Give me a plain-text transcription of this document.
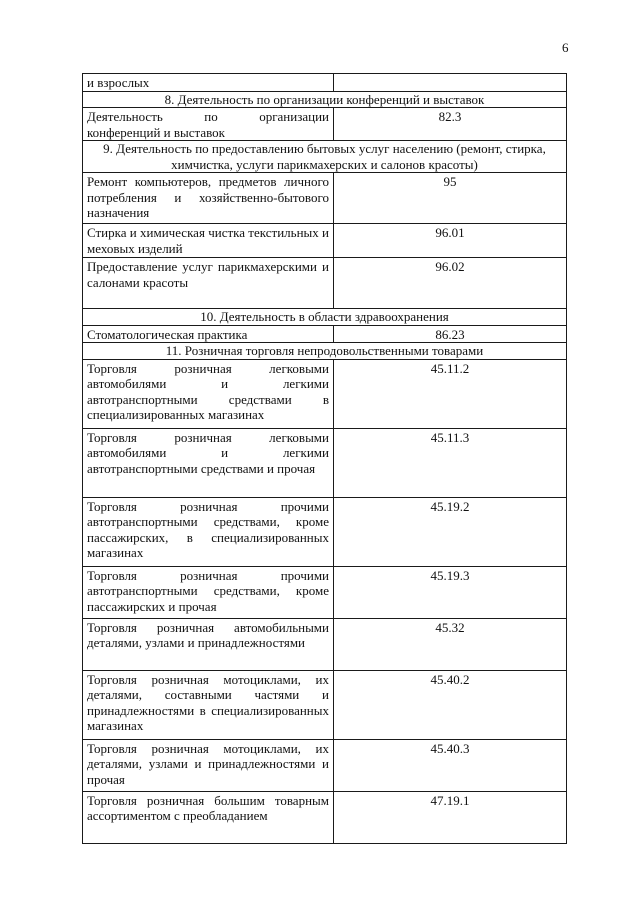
6
и взрослых	
8. Деятельность по организации конференций и выставок	
Деятельность по организации конференций и выставок	82.3
9. Деятельность по предоставлению бытовых услуг населению (ремонт, стирка, химчистка, услуги парикмахерских и салонов красоты)	
Ремонт компьютеров, предметов личного потребления и хозяйственно-бытового назначения	95
Стирка и химическая чистка текстильных и меховых изделий	96.01
Предоставление услуг парикмахерскими и салонами красоты	96.02
10. Деятельность в области здравоохранения	
Стоматологическая практика	86.23
11. Розничная торговля непродовольственными товарами	
Торговля розничная легковыми автомобилями и легкими автотранспортными средствами в специализированных магазинах	45.11.2
Торговля розничная легковыми автомобилями и легкими автотранспортными средствами и прочая	45.11.3
Торговля розничная прочими автотранспортными средствами, кроме пассажирских, в специализированных магазинах	45.19.2
Торговля розничная прочими автотранспортными средствами, кроме пассажирских и прочая	45.19.3
Торговля розничная автомобильными деталями, узлами и принадлежностями	45.32
Торговля розничная мотоциклами, их деталями, составными частями и принадлежностями в специализированных магазинах	45.40.2
Торговля розничная мотоциклами, их деталями, узлами и принадлежностями и прочая	45.40.3
Торговля розничная большим товарным ассортиментом с преобладанием	47.19.1
